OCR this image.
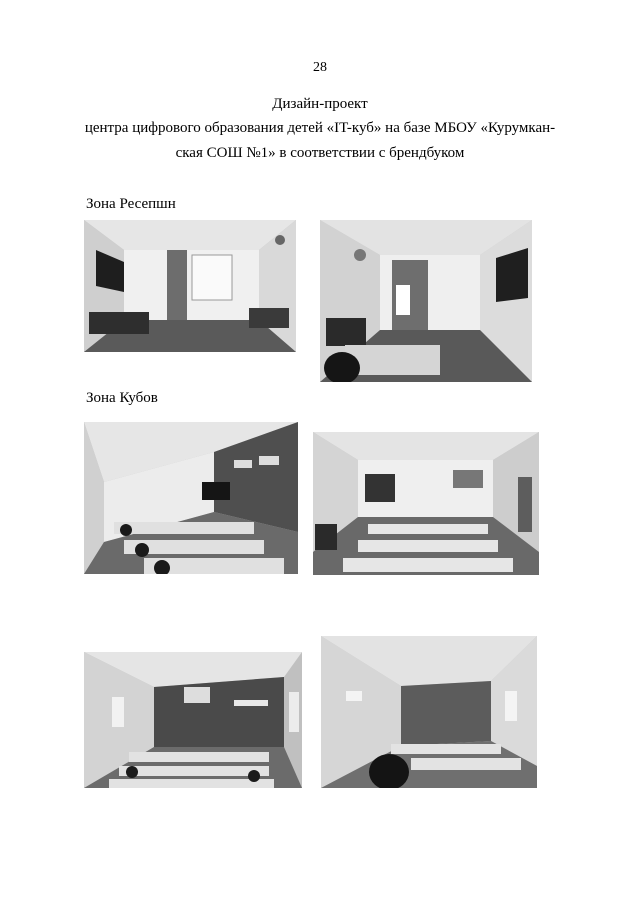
28
Дизайн-проект
центра цифрового образования детей «IT-куб» на базе МБОУ «Курумкан-ская СОШ №1» в соответствии с брендбуком
Зона Ресепшн
Зона Кубов
